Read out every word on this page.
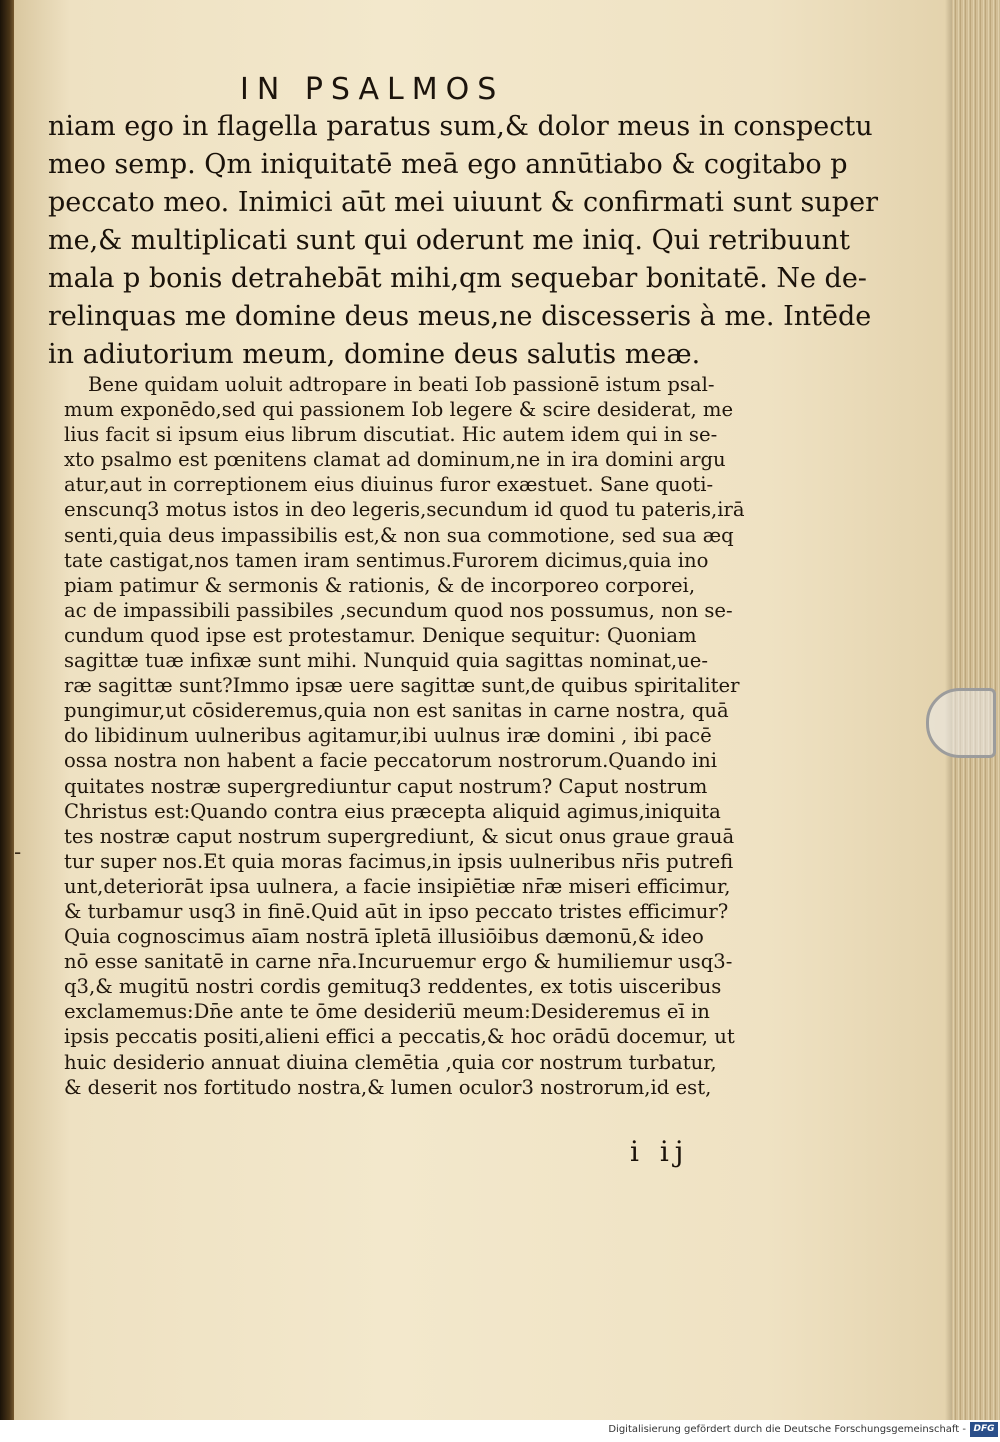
IN PSALMOS
niam ego in flagella paratus sum,& dolor meus in conspectu
meo semp. Qm iniquitatē meā ego annūtiabo & cogitabo p
peccato meo. Inimici aūt mei uiuunt & confirmati sunt super
me,& multiplicati sunt qui oderunt me iniq. Qui retribuunt
mala p bonis detrahebāt mihi,qm sequebar bonitatē. Ne de-
relinquas me domine deus meus,ne discesseris à me. Intēde
in adiutorium meum, domine deus salutis meæ.
Bene quidam uoluit adtropare in beati Iob passionē istum psal-
mum exponēdo,sed qui passionem Iob legere & scire desiderat, me
lius facit si ipsum eius librum discutiat. Hic autem idem qui in se-
xto psalmo est pœnitens clamat ad dominum,ne in ira domini argu
atur,aut in correptionem eius diuinus furor exæstuet. Sane quoti-
enscunq3 motus istos in deo legeris,secundum id quod tu pateris,irā
senti,quia deus impassibilis est,& non sua commotione, sed sua æq
tate castigat,nos tamen iram sentimus.Furorem dicimus,quia ino
piam patimur & sermonis & rationis, & de incorporeo corporei,
ac de impassibili passibiles ,secundum quod nos possumus, non se-
cundum quod ipse est protestamur. Denique sequitur: Quoniam
sagittæ tuæ infixæ sunt mihi. Nunquid quia sagittas nominat,ue-
ræ sagittæ sunt?Immo ipsæ uere sagittæ sunt,de quibus spiritaliter
pungimur,ut cōsideremus,quia non est sanitas in carne nostra, quā
do libidinum uulneribus agitamur,ibi uulnus iræ domini , ibi pacē
ossa nostra non habent a facie peccatorum nostrorum.Quando ini
quitates nostræ supergrediuntur caput nostrum? Caput nostrum
Christus est:Quando contra eius præcepta aliquid agimus,iniquita
tes nostræ caput nostrum supergrediunt, & sicut onus graue grauā
tur super nos.Et quia moras facimus,in ipsis uulneribus nr̄is putrefi
unt,deteriorāt ipsa uulnera, a facie insipiētiæ nr̄æ miseri efficimur,
& turbamur usq3 in finē.Quid aūt in ipso peccato tristes efficimur?
Quia cognoscimus aīam nostrā īpletā illusiōibus dæmonū,& ideo
nō esse sanitatē in carne nr̄a.Incuruemur ergo & humiliemur usq3-
q3,& mugitū nostri cordis gemituq3 reddentes, ex totis uisceribus
exclamemus:Dn̄e ante te ōme desideriū meum:Desideremus eī in
ipsis peccatis positi,alieni effici a peccatis,& hoc orādū docemur, ut
huic desiderio annuat diuina clemētia ,quia cor nostrum turbatur,
& deserit nos fortitudo nostra,& lumen oculor3 nostrorum,id est,
-
i ij
Digitalisierung gefördert durch die Deutsche Forschungsgemeinschaft - DFG
